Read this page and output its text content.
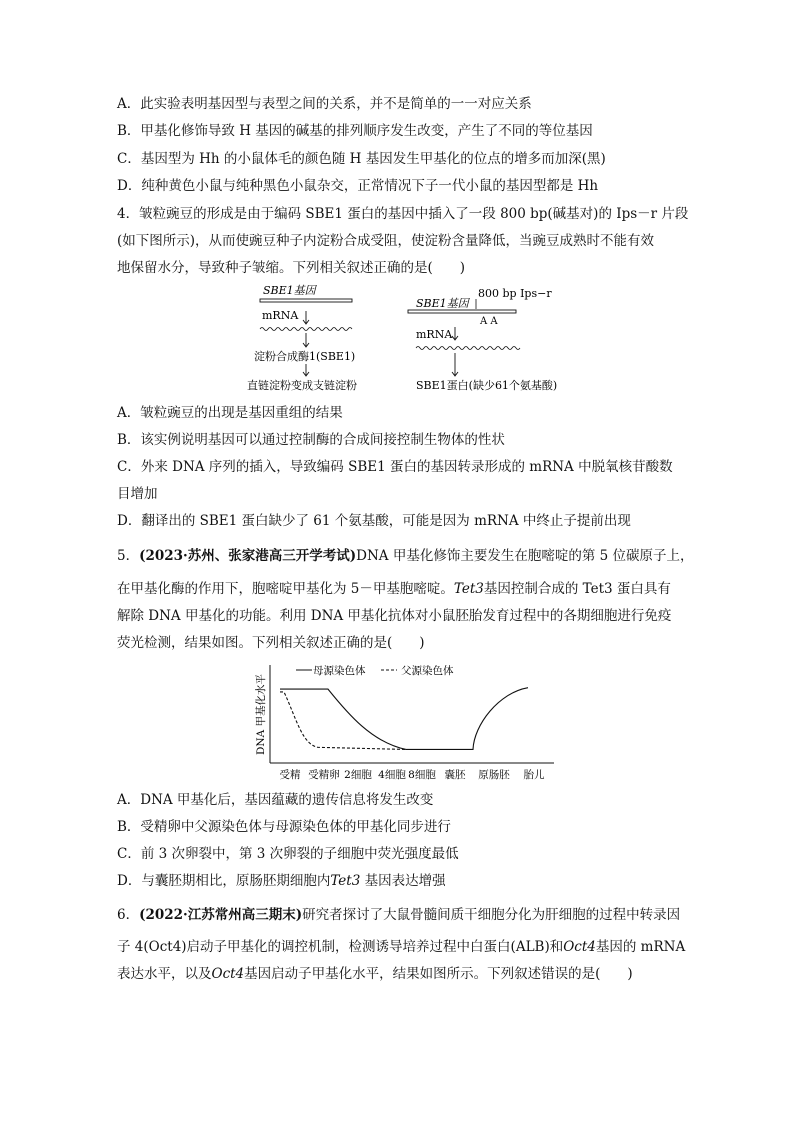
A．此实验表明基因型与表型之间的关系，并不是简单的一一对应关系
B．甲基化修饰导致 H 基因的碱基的排列顺序发生改变，产生了不同的等位基因
C．基因型为 Hh 的小鼠体毛的颜色随 H 基因发生甲基化的位点的增多而加深(黑)
D．纯种黄色小鼠与纯种黑色小鼠杂交，正常情况下子一代小鼠的基因型都是 Hh
4．皱粒豌豆的形成是由于编码 SBE1 蛋白的基因中插入了一段 800 bp(碱基对)的 Ips－r 片段
(如下图所示)，从而使豌豆种子内淀粉合成受阻，使淀粉含量降低，当豌豆成熟时不能有效
地保留水分，导致种子皱缩。下列相关叙述正确的是(　　)
SBE1基因
mRNA
淀粉合成酶1(SBE1)
直链淀粉变成支链淀粉
800 bp Ips−r
SBE1基因
A A
mRNA
SBE1蛋白(缺少61个氨基酸)
A．皱粒豌豆的出现是基因重组的结果
B．该实例说明基因可以通过控制酶的合成间接控制生物体的性状
C．外来 DNA 序列的插入，导致编码 SBE1 蛋白的基因转录形成的 mRNA 中脱氧核苷酸数
目增加
D．翻译出的 SBE1 蛋白缺少了 61 个氨基酸，可能是因为 mRNA 中终止子提前出现
5．(2023·苏州、张家港高三开学考试)DNA 甲基化修饰主要发生在胞嘧啶的第 5 位碳原子上，
在甲基化酶的作用下，胞嘧啶甲基化为 5－甲基胞嘧啶。Tet3基因控制合成的 Tet3 蛋白具有
解除 DNA 甲基化的功能。利用 DNA 甲基化抗体对小鼠胚胎发育过程中的各期细胞进行免疫
荧光检测，结果如图。下列相关叙述正确的是(　　)
DNA 甲基化水平
母源染色体	父源染色体
受精 受精卵 2细胞 4细胞 8细胞 囊胚 原肠胚 胎儿
A．DNA 甲基化后，基因蕴藏的遗传信息将发生改变
B．受精卵中父源染色体与母源染色体的甲基化同步进行
C．前 3 次卵裂中，第 3 次卵裂的子细胞中荧光强度最低
D．与囊胚期相比，原肠胚期细胞内Tet3 基因表达增强
6．(2022·江苏常州高三期末)研究者探讨了大鼠骨髓间质干细胞分化为肝细胞的过程中转录因
子 4(Oct4)启动子甲基化的调控机制，检测诱导培养过程中白蛋白(ALB)和Oct4基因的 mRNA
表达水平，以及Oct4基因启动子甲基化水平，结果如图所示。下列叙述错误的是(　　)
